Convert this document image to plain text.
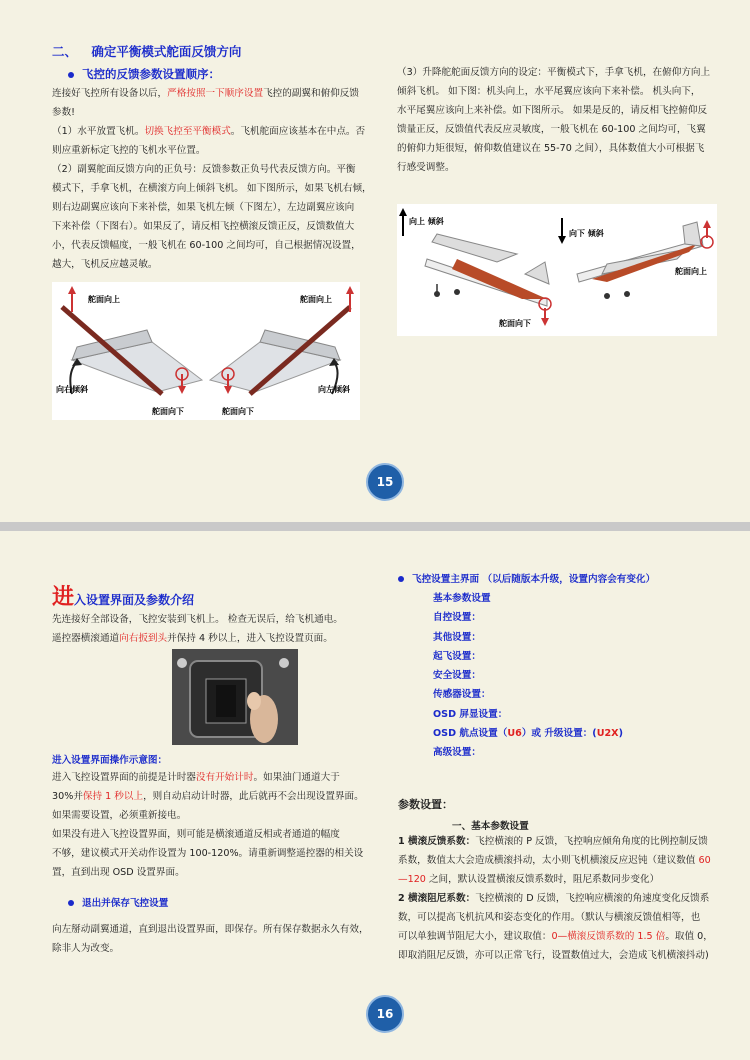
二、 确定平衡模式舵面反馈方向
飞控的反馈参数设置顺序：
连接好飞控所有设备以后，严格按照一下顺序设置飞控的副翼和俯仰反馈
参数!
（1）水平放置飞机。切换飞控至平衡模式。飞机舵面应该基本在中点。否
则应重新标定飞控的飞机水平位置。
（2）副翼舵面反馈方向的正负号：反馈参数正负号代表反馈方向。平衡
模式下，手拿飞机，在横滚方向上倾斜飞机。 如下图所示，如果飞机右倾，
则右边副翼应该向下来补偿，如果飞机左倾（下图左），左边副翼应该向
下来补偿（下图右）。如果反了，请反相飞控横滚反馈正反，反馈数值大
小，代表反馈幅度，一般飞机在 60-100 之间均可，自己根据情况设置，
越大，飞机反应越灵敏。
（3）升降舵舵面反馈方向的设定：平衡模式下，手拿飞机，在俯仰方向上
倾斜飞机。 如下图：机头向上，水平尾翼应该向下来补偿。 机头向下，
水平尾翼应该向上来补偿。如下图所示。 如果是反的，请反相飞控俯仰反
馈量正反，反馈值代表反应灵敏度，一般飞机在 60-100 之间均可，飞翼
的俯仰力矩很短，俯仰数值建议在 55-70 之间），具体数值大小可根据飞
行感受调整。
舵面向上	舵面向上
向右倾斜	向左倾斜
舵面向下	舵面向下
向上 倾斜
向下 倾斜
舵面向下
舵面向上
15
进入设置界面及参数介绍
先连接好全部设备，飞控安装到飞机上。 检查无误后，给飞机通电。
遥控器横滚通道向右扳到头并保持 4 秒以上，进入飞控设置页面。
进入设置界面操作示意图：
进入飞控设置界面的前提是计时器没有开始计时。如果油门通道大于
30%并保持 1 秒以上，则自动启动计时器，此后就再不会出现设置界面。
如果需要设置，必须重新接电。
如果没有进入飞控设置界面，则可能是横滚通道反相或者通道的幅度
不够，建议模式开关动作设置为 100-120%。请重新调整遥控器的相关设
置，直到出现 OSD 设置界面。
退出并保存飞控设置
向左掰动副翼通道，直到退出设置界面，即保存。所有保存数据永久有效，
除非人为改变。
飞控设置主界面 （以后随版本升级，设置内容会有变化）
基本参数设置
自控设置：
其他设置：
起飞设置：
安全设置：
传感器设置：
OSD 屏显设置：
OSD 航点设置（U6）或 升级设置：(U2X)
高级设置：
参数设置：
一、基本参数设置
1 横滚反馈系数：飞控横滚的 P 反馈，飞控响应倾角角度的比例控制反馈
系数，数值太大会造成横滚抖动，太小则飞机横滚反应迟钝（建议数值 60
—120 之间，默认设置横滚反馈系数时，阻尼系数同步变化）
2 横滚阻尼系数：飞控横滚的 D 反馈，飞控响应横滚的角速度变化反馈系
数，可以提高飞机抗风和姿态变化的作用。（默认与横滚反馈值相等，也
可以单独调节阻尼大小，建议取值：0—横滚反馈系数的 1.5 倍。取值 0，
即取消阻尼反馈，亦可以正常飞行，设置数值过大，会造成飞机横滚抖动)
16
